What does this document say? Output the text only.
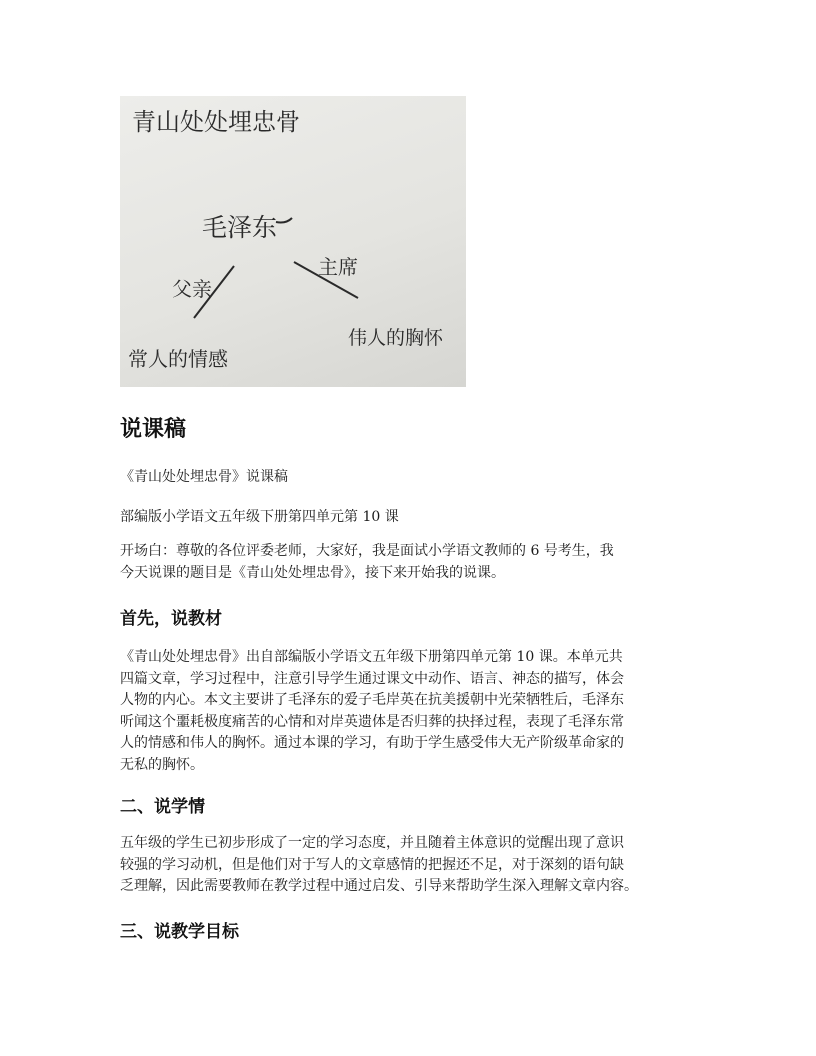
青山处处埋忠骨
毛泽东
父亲
主席
常人的情感
伟人的胸怀
说课稿

《青山处处埋忠骨》说课稿

部编版小学语文五年级下册第四单元第 10 课

开场白：尊敬的各位评委老师，大家好，我是面试小学语文教师的 6 号考生，我
今天说课的题目是《青山处处埋忠骨》，接下来开始我的说课。

首先，说教材

《青山处处埋忠骨》出自部编版小学语文五年级下册第四单元第 10 课。本单元共
四篇文章，学习过程中，注意引导学生通过课文中动作、语言、神态的描写，体会
人物的内心。本文主要讲了毛泽东的爱子毛岸英在抗美援朝中光荣牺牲后，毛泽东
听闻这个噩耗极度痛苦的心情和对岸英遗体是否归葬的抉择过程，表现了毛泽东常
人的情感和伟人的胸怀。通过本课的学习，有助于学生感受伟大无产阶级革命家的
无私的胸怀。

二、说学情

五年级的学生已初步形成了一定的学习态度，并且随着主体意识的觉醒出现了意识
较强的学习动机，但是他们对于写人的文章感情的把握还不足，对于深刻的语句缺
乏理解，因此需要教师在教学过程中通过启发、引导来帮助学生深入理解文章内容。

三、说教学目标
